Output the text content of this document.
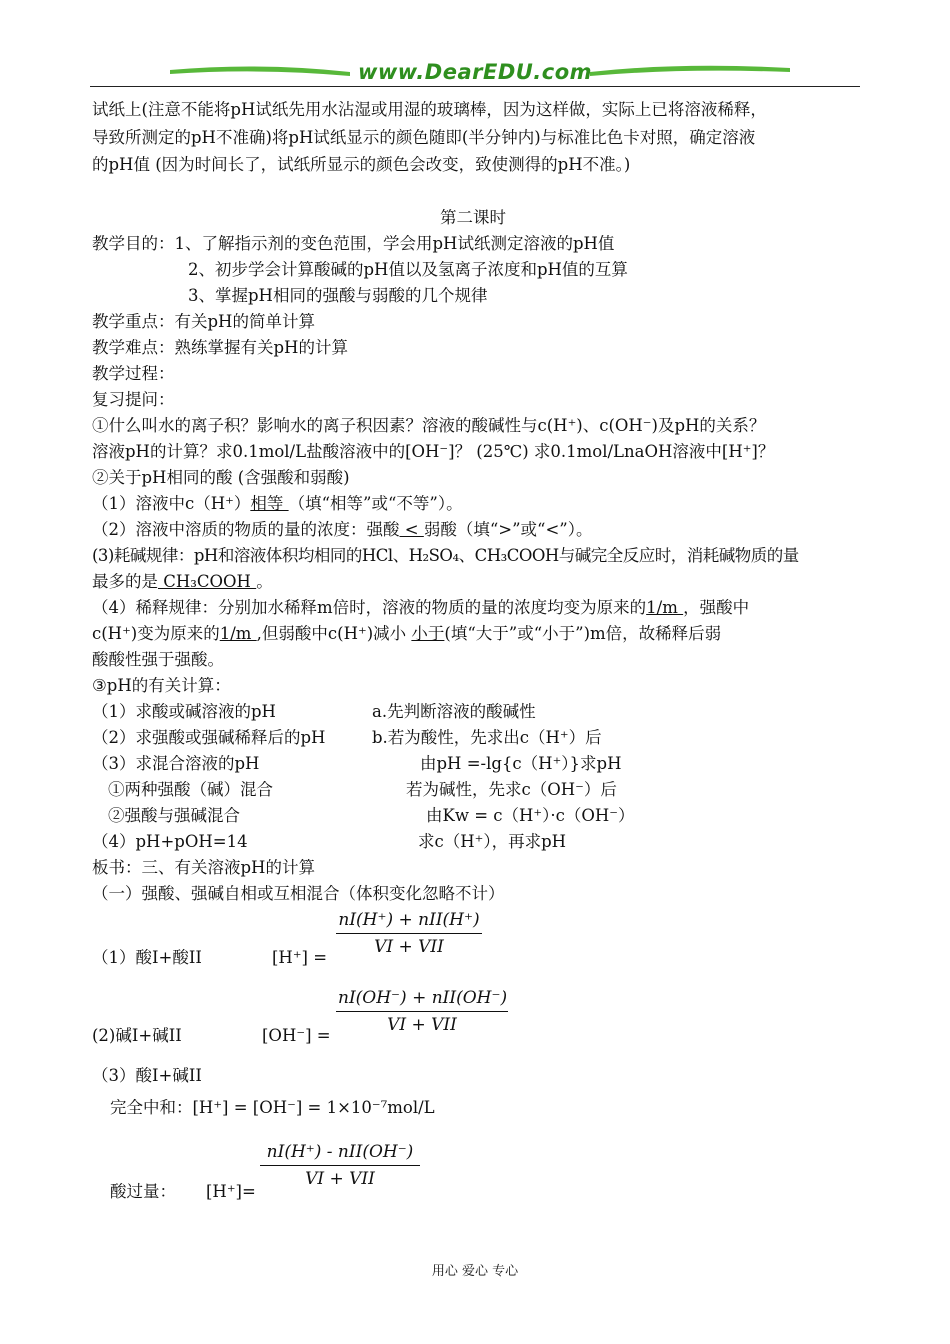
www.DearEDU.com
试纸上(注意不能将pH试纸先用水沾湿或用湿的玻璃棒，因为这样做，实际上已将溶液稀释，
导致所测定的pH不准确)将pH试纸显示的颜色随即(半分钟内)与标准比色卡对照，确定溶液
的pH值 (因为时间长了，试纸所显示的颜色会改变，致使测得的pH不准。)
第二课时
教学目的：1、了解指示剂的变色范围，学会用pH试纸测定溶液的pH值
2、初步学会计算酸碱的pH值以及氢离子浓度和pH值的互算
3、掌握pH相同的强酸与弱酸的几个规律
教学重点：有关pH的简单计算
教学难点：熟练掌握有关pH的计算
教学过程：
复习提问：
①什么叫水的离子积？影响水的离子积因素？溶液的酸碱性与c(H⁺)、c(OH⁻)及pH的关系？
溶液pH的计算？求0.1mol/L盐酸溶液中的[OH⁻]？ (25℃) 求0.1mol/LnaOH溶液中[H⁺]？
②关于pH相同的酸 (含强酸和弱酸)
（1）溶液中c（H⁺）相等 （填“相等”或“不等”）。
（2）溶液中溶质的物质的量的浓度：强酸 < 弱酸（填“>”或“<”）。
(3)耗碱规律：pH和溶液体积均相同的HCl、H₂SO₄、CH₃COOH与碱完全反应时，消耗碱物质的量
最多的是 CH₃COOH 。
（4）稀释规律：分别加水稀释m倍时，溶液的物质的量的浓度均变为原来的1/m ，强酸中
c(H⁺)变为原来的1/m ,但弱酸中c(H⁺)减小 小于(填“大于”或“小于”)m倍，故稀释后弱
酸酸性强于强酸。
③pH的有关计算：
（1）求酸或碱溶液的pH	a.先判断溶液的酸碱性
（2）求强酸或强碱稀释后的pH	b.若为酸性，先求出c（H⁺）后
（3）求混合溶液的pH	由pH =-lg{c（H⁺）}求pH
①两种强酸（碱）混合	若为碱性，先求c（OH⁻）后
②强酸与强碱混合	由Kw = c（H⁺）·c（OH⁻）
（4）pH+pOH=14	求c（H⁺），再求pH
板书：三、有关溶液pH的计算
（一）强酸、强碱自相或互相混合（体积变化忽略不计）
（1）酸I+酸II	[H⁺] =
nI(H⁺) + nII(H⁺)
VI + VII
(2)碱I+碱II	[OH⁻] =
nI(OH⁻) + nII(OH⁻)
VI + VII
（3）酸I+碱II
完全中和：[H⁺] = [OH⁻] = 1×10⁻⁷mol/L
酸过量： [H⁺]=
nI(H⁺) - nII(OH⁻)
VI + VII
用心 爱心 专心
